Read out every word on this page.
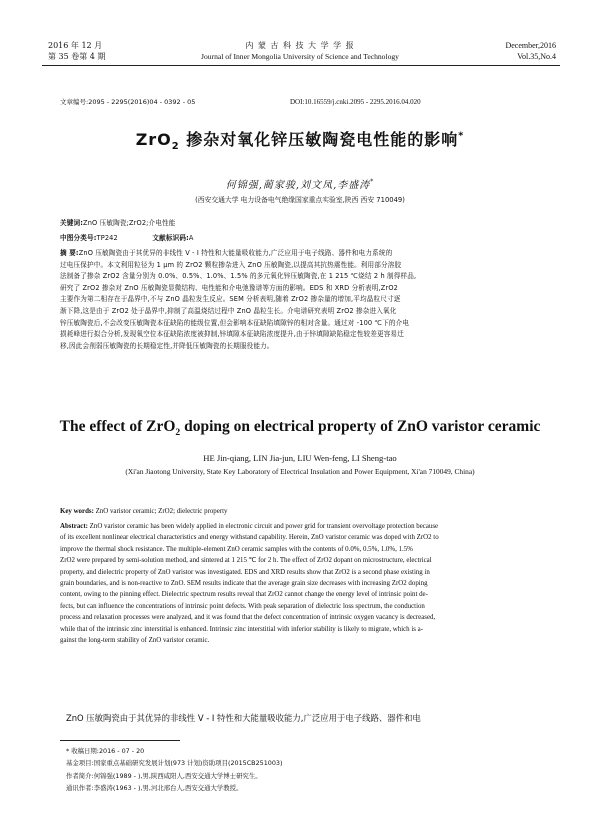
2016 年 12 月
第 35 卷第 4 期
内 蒙 古 科 技 大 学 学 报
Journal of Inner Mongolia University of Science and Technology
December,2016
Vol.35,No.4
文章编号:2095 - 2295(2016)04 - 0392 - 05	DOI:10.16559/j.cnki.2095 - 2295.2016.04.020
ZrO$_2$ 掺杂对氧化锌压敏陶瓷电性能的影响*
何锦强,蔺家骏,刘文凤,李盛涛*
(西安交通大学 电力设备电气绝缘国家重点实验室,陕西 西安 710049)
关键词:ZnO 压敏陶瓷;ZrO2;介电性能
中图分类号:TP242	文献标识码:A
摘 要:ZnO 压敏陶瓷由于其优异的非线性 V - I 特性和大能量吸收能力,广泛应用于电子线路、器件和电力系统的
过电压保护中。本文利用粒径为 1 μm 的 ZrO2 颗粒掺杂进入 ZnO 压敏陶瓷,以提高其抗热震性能。利用部分溶胶
法制备了掺杂 ZrO2 含量分别为 0.0%、0.5%、1.0%、1.5% 的多元氧化锌压敏陶瓷,在 1 215 ℃烧结 2 h 制得样品,
研究了 ZrO2 掺杂对 ZnO 压敏陶瓷显微结构、电性能和介电弛豫谱等方面的影响。EDS 和 XRD 分析表明,ZrO2
主要作为第二相存在于晶界中,不与 ZnO 晶粒发生反应。SEM 分析表明,随着 ZrO2 掺杂量的增加,平均晶粒尺寸逐
渐下降,这是由于 ZrO2 处于晶界中,抑制了高温烧结过程中 ZnO 晶粒生长。介电谱研究表明 ZrO2 掺杂进入氧化
锌压敏陶瓷后,不会改变压敏陶瓷本征缺陷的能级位置,但会影响本征缺陷填隙锌的相对含量。通过对 -100 ℃下的介电
损耗峰进行拟合分析,发现氧空位本征缺陷浓度被抑制,锌填隙本征缺陷浓度提升,由于锌填隙缺陷稳定性较差更容易迁
移,因此会削弱压敏陶瓷的长期稳定性,并降低压敏陶瓷的长期服役能力。
The effect of ZrO$_2$ doping on electrical property of ZnO varistor ceramic
HE Jin-qiang, LIN Jia-jun, LIU Wen-feng, LI Sheng-tao
(Xi'an Jiaotong University, State Key Laboratory of Electrical Insulation and Power Equipment, Xi'an 710049, China)
Key words: ZnO varistor ceramic; ZrO2; dielectric property
Abstract: ZnO varistor ceramic has been widely applied in electronic circuit and power grid for transient overvoltage protection because
of its excellent nonlinear electrical characteristics and energy withstand capability. Herein, ZnO varistor ceramic was doped with ZrO2 to
improve the thermal shock resistance. The multiple-element ZnO ceramic samples with the contents of 0.0%, 0.5%, 1.0%, 1.5%
ZrO2 were prepared by semi-solution method, and sintered at 1 215 ℃ for 2 h. The effect of ZrO2 dopant on microstructure, electrical
property, and dielectric property of ZnO varistor was investigated. EDS and XRD results show that ZrO2 is a second phase existing in
grain boundaries, and is non-reactive to ZnO. SEM results indicate that the average grain size decreases with increasing ZrO2 doping
content, owing to the pinning effect. Dielectric spectrum results reveal that ZrO2 cannot change the energy level of intrinsic point de-
fects, but can influence the concentrations of intrinsic point defects. With peak separation of dielectric loss spectrum, the conduction
process and relaxation processes were analyzed, and it was found that the defect concentration of intrinsic oxygen vacancy is decreased,
while that of the intrinsic zinc interstitial is enhanced. Intrinsic zinc interstitial with inferior stability is likely to migrate, which is a-
gainst the long-term stability of ZnO varistor ceramic.
ZnO 压敏陶瓷由于其优异的非线性 V - I 特性和大能量吸收能力,广泛应用于电子线路、器件和电
* 收稿日期:2016 - 07 - 20
基金项目:国家重点基础研究发展计划(973 计划)资助项目(2015CB251003)
作者简介:何锦强(1989 - ),男,陕西咸阳人,西安交通大学博士研究生。
通讯作者:李盛涛(1963 - ),男,河北邢台人,西安交通大学教授。
